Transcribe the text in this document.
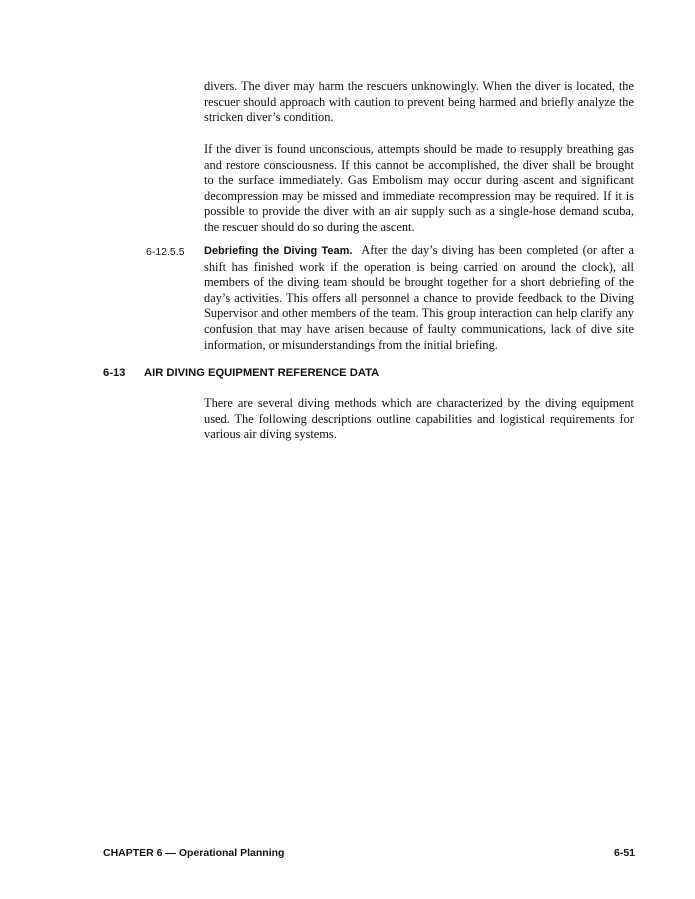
divers. The diver may harm the rescuers unknowingly. When the diver is located, the rescuer should approach with caution to prevent being harmed and briefly analyze the stricken diver’s condition.

If the diver is found unconscious, attempts should be made to resupply breathing gas and restore consciousness. If this cannot be accomplished, the diver shall be brought to the surface immediately. Gas Embolism may occur during ascent and significant decompression may be missed and immediate recompression may be required. If it is possible to provide the diver with an air supply such as a single-hose demand scuba, the rescuer should do so during the ascent.

6-12.5.5 Debriefing the Diving Team. After the day’s diving has been completed (or after a shift has finished work if the operation is being carried on around the clock), all members of the diving team should be brought together for a short debriefing of the day’s activities. This offers all personnel a chance to provide feedback to the Diving Supervisor and other members of the team. This group interaction can help clarify any confusion that may have arisen because of faulty communications, lack of dive site information, or misunderstandings from the initial briefing.

6-13 AIR DIVING EQUIPMENT REFERENCE DATA

There are several diving methods which are characterized by the diving equipment used. The following descriptions outline capabilities and logistical requirements for various air diving systems.

CHAPTER 6 — Operational Planning	6-51
